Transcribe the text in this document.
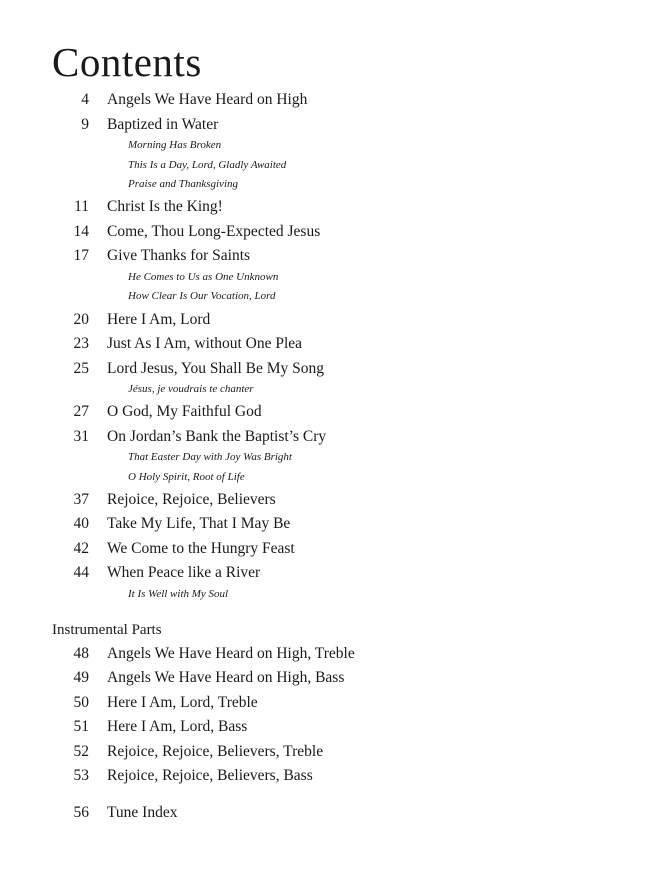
Contents
4 Angels We Have Heard on High
9 Baptized in Water
Morning Has Broken
This Is a Day, Lord, Gladly Awaited
Praise and Thanksgiving
11 Christ Is the King!
14 Come, Thou Long-Expected Jesus
17 Give Thanks for Saints
He Comes to Us as One Unknown
How Clear Is Our Vocation, Lord
20 Here I Am, Lord
23 Just As I Am, without One Plea
25 Lord Jesus, You Shall Be My Song
Jésus, je voudrais te chanter
27 O God, My Faithful God
31 On Jordan’s Bank the Baptist’s Cry
That Easter Day with Joy Was Bright
O Holy Spirit, Root of Life
37 Rejoice, Rejoice, Believers
40 Take My Life, That I May Be
42 We Come to the Hungry Feast
44 When Peace like a River
It Is Well with My Soul
Instrumental Parts
48 Angels We Have Heard on High, Treble
49 Angels We Have Heard on High, Bass
50 Here I Am, Lord, Treble
51 Here I Am, Lord, Bass
52 Rejoice, Rejoice, Believers, Treble
53 Rejoice, Rejoice, Believers, Bass
56 Tune Index
